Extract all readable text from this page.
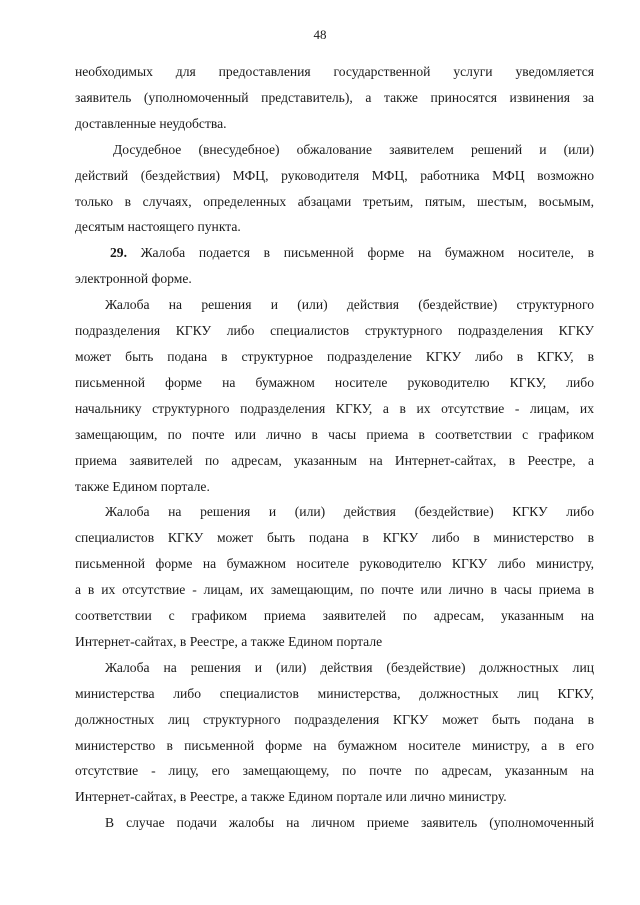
48

необходимых для предоставления государственной услуги уведомляется
заявитель (уполномоченный представитель), а также приносятся извинения за
доставленные неудобства.

Досудебное (внесудебное) обжалование заявителем решений и (или)
действий (бездействия) МФЦ, руководителя МФЦ, работника МФЦ возможно
только в случаях, определенных абзацами третьим, пятым, шестым, восьмым,
десятым настоящего пункта.

29. Жалоба подается в письменной форме на бумажном носителе, в
электронной форме.

Жалоба на решения и (или) действия (бездействие) структурного
подразделения КГКУ либо специалистов структурного подразделения КГКУ
может быть подана в структурное подразделение КГКУ либо в КГКУ, в
письменной форме на бумажном носителе руководителю КГКУ, либо
начальнику структурного подразделения КГКУ, а в их отсутствие - лицам, их
замещающим, по почте или лично в часы приема в соответствии с графиком
приема заявителей по адресам, указанным на Интернет-сайтах, в Реестре, а
также Едином портале.

Жалоба на решения и (или) действия (бездействие) КГКУ либо
специалистов КГКУ может быть подана в КГКУ либо в министерство в
письменной форме на бумажном носителе руководителю КГКУ либо министру,
а в их отсутствие - лицам, их замещающим, по почте или лично в часы приема в
соответствии с графиком приема заявителей по адресам, указанным на
Интернет-сайтах, в Реестре, а также Едином портале

Жалоба на решения и (или) действия (бездействие) должностных лиц
министерства либо специалистов министерства, должностных лиц КГКУ,
должностных лиц структурного подразделения КГКУ может быть подана в
министерство в письменной форме на бумажном носителе министру, а в его
отсутствие - лицу, его замещающему, по почте по адресам, указанным на
Интернет-сайтах, в Реестре, а также Едином портале или лично министру.

В случае подачи жалобы на личном приеме заявитель (уполномоченный
